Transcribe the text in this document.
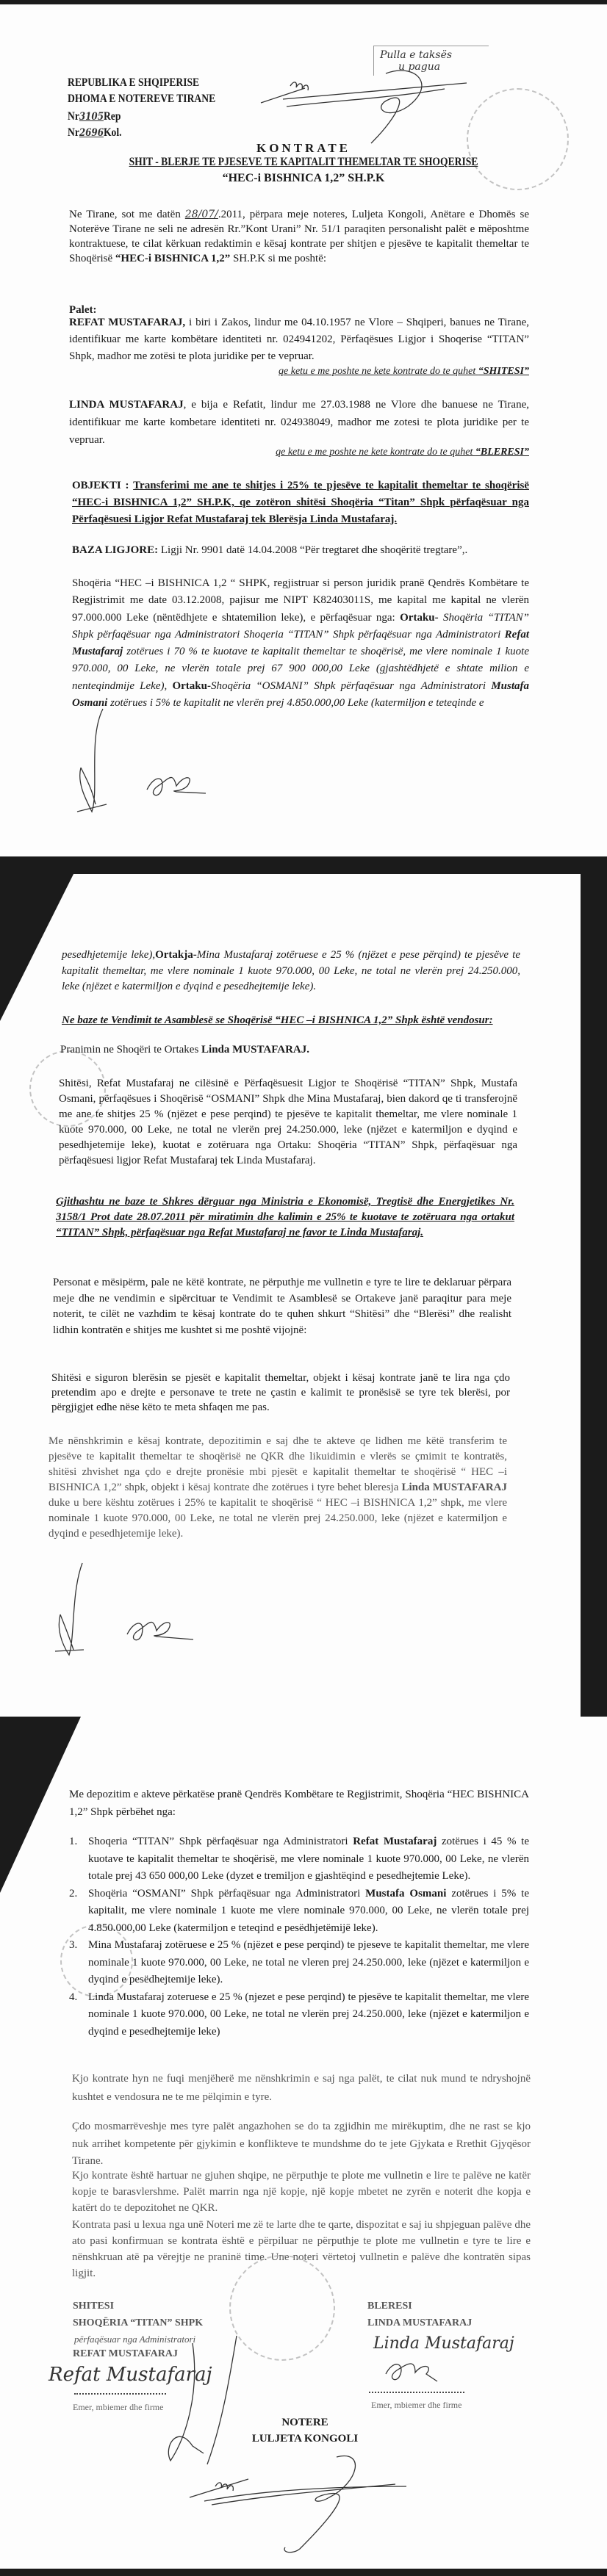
Pulla e taksës
u pagua
REPUBLIKA E SHQIPERISE
DHOMA E NOTEREVE TIRANE
Nr3105Rep
Nr2696Kol.
KONTRATE
SHIT - BLERJE TE PJESEVE TE KAPITALIT THEMELTAR TE SHOQERISE
“HEC-i BISHNICA 1,2” SH.P.K
Ne Tirane, sot me datën 28/07/.2011, përpara meje noteres, Luljeta Kongoli, Anëtare e Dhomës se Noterëve Tirane ne seli ne adresën Rr.”Kont Urani” Nr. 51/1 paraqiten personalisht palët e mëposhtme kontraktuese, te cilat kërkuan redaktimin e kësaj kontrate per shitjen e pjesëve te kapitalit themeltar te Shoqërisë “HEC-i BISHNICA 1,2” SH.P.K si me poshtë:
Palet:
REFAT MUSTAFARAJ, i biri i Zakos, lindur me 04.10.1957 ne Vlore – Shqiperi, banues ne Tirane, identifikuar me karte kombëtare identiteti nr. 024941202, Përfaqësues Ligjor i Shoqerise “TITAN” Shpk, madhor me zotësi te plota juridike per te vepruar.
qe ketu e me poshte ne kete kontrate do te quhet “SHITESI”
LINDA MUSTAFARAJ, e bija e Refatit, lindur me 27.03.1988 ne Vlore dhe banuese ne Tirane, identifikuar me karte kombetare identiteti nr. 024938049, madhor me zotesi te plota juridike per te vepruar.
qe ketu e me poshte ne kete kontrate do te quhet “BLERESI”
OBJEKTI : Transferimi me ane te shitjes i 25% te pjesëve te kapitalit themeltar te shoqërisë “HEC-i BISHNICA 1,2” SH.P.K, qe zotëron shitësi Shoqëria “Titan” Shpk përfaqësuar nga Përfaqësuesi Ligjor Refat Mustafaraj tek Blerësja Linda Mustafaraj.
BAZA LIGJORE: Ligji Nr. 9901 datë 14.04.2008 “Për tregtaret dhe shoqëritë tregtare”,.
Shoqëria “HEC –i BISHNICA 1,2 “ SHPK, regjistruar si person juridik pranë Qendrës Kombëtare te Regjistrimit me date 03.12.2008, pajisur me NIPT K82403011S, me kapital me kapital ne vlerën 97.000.000 Leke (nëntëdhjete e shtatemilion leke), e përfaqësuar nga: Ortaku- Shoqëria “TITAN” Shpk përfaqësuar nga Administratori Shoqeria “TITAN” Shpk përfaqësuar nga Administratori Refat Mustafaraj zotërues i 70 % te kuotave te kapitalit themeltar te shoqërisë, me vlere nominale 1 kuote 970.000, 00 Leke, ne vlerën totale prej 67 900 000,00 Leke (gjashtëdhjetë e shtate milion e nenteqindmije Leke), Ortaku-Shoqëria “OSMANI” Shpk përfaqësuar nga Administratori Mustafa Osmani zotërues i 5% te kapitalit ne vlerën prej 4.850.000,00 Leke (katermiljon e teteqinde e
pesedhjetemije leke),Ortakja-Mina Mustafaraj zotëruese e 25 % (njëzet e pese përqind) te pjesëve te kapitalit themeltar, me vlere nominale 1 kuote 970.000, 00 Leke, ne total ne vlerën prej 24.250.000, leke (njëzet e katermiljon e dyqind e pesedhejtemije leke).
Ne baze te Vendimit te Asamblesë se Shoqërisë “HEC –i BISHNICA 1,2” Shpk është vendosur:
Pranimin ne Shoqëri te Ortakes Linda MUSTAFARAJ.
Shitësi, Refat Mustafaraj ne cilësinë e Përfaqësuesit Ligjor te Shoqërisë “TITAN” Shpk, Mustafa Osmani, përfaqësues i Shoqërisë “OSMANI” Shpk dhe Mina Mustafaraj, bien dakord qe ti transferojnë me ane te shitjes 25 % (njëzet e pese perqind) te pjesëve te kapitalit themeltar, me vlere nominale 1 kuote 970.000, 00 Leke, ne total ne vlerën prej 24.250.000, leke (njëzet e katermiljon e dyqind e pesedhjetemije leke), kuotat e zotëruara nga Ortaku: Shoqëria “TITAN” Shpk, përfaqësuar nga përfaqësuesi ligjor Refat Mustafaraj tek Linda Mustafaraj.
Gjithashtu ne baze te Shkres dërguar nga Ministria e Ekonomisë, Tregtisë dhe Energjetikes Nr. 3158/1 Prot date 28.07.2011 për miratimin dhe kalimin e 25% te kuotave te zotëruara nga ortakut “TITAN” Shpk, përfaqësuar nga Refat Mustafaraj ne favor te Linda Mustafaraj.
Personat e mësipërm, pale ne këtë kontrate, ne përputhje me vullnetin e tyre te lire te deklaruar përpara meje dhe ne vendimin e sipërcituar te Vendimit te Asamblesë se Ortakeve janë paraqitur para meje noterit, te cilët ne vazhdim te kësaj kontrate do te quhen shkurt “Shitësi” dhe “Blerësi” dhe realisht lidhin kontratën e shitjes me kushtet si me poshtë vijojnë:
Shitësi e siguron blerësin se pjesët e kapitalit themeltar, objekt i kësaj kontrate janë te lira nga çdo pretendim apo e drejte e personave te trete ne çastin e kalimit te pronësisë se tyre tek blerësi, por përgjigjet edhe nëse këto te meta shfaqen me pas.
Me nënshkrimin e kësaj kontrate, depozitimin e saj dhe te akteve qe lidhen me këtë transferim te pjesëve te kapitalit themeltar te shoqërisë ne QKR dhe likuidimin e vlerës se çmimit te kontratës, shitësi zhvishet nga çdo e drejte pronësie mbi pjesët e kapitalit themeltar te shoqërisë “ HEC –i BISHNICA 1,2” shpk, objekt i kësaj kontrate dhe zotërues i tyre behet bleresja Linda MUSTAFARAJ duke u bere kështu zotërues i 25% te kapitalit te shoqërisë “ HEC –i BISHNICA 1,2” shpk, me vlere nominale 1 kuote 970.000, 00 Leke, ne total ne vlerën prej 24.250.000, leke (njëzet e katermiljon e dyqind e pesedhjetemije leke).
Me depozitim e akteve përkatëse pranë Qendrës Kombëtare te Regjistrimit, Shoqëria “HEC BISHNICA 1,2” Shpk përbëhet nga:
1. Shoqeria “TITAN” Shpk përfaqësuar nga Administratori Refat Mustafaraj zotërues i 45 % te kuotave te kapitalit themeltar te shoqërisë, me vlere nominale 1 kuote 970.000, 00 Leke, ne vlerën totale prej 43 650 000,00 Leke (dyzet e tremiljon e gjashtëqind e pesedhejtemie Leke).
2. Shoqëria “OSMANI” Shpk përfaqësuar nga Administratori Mustafa Osmani zotërues i 5% te kapitalit, me vlere nominale 1 kuote me vlere nominale 970.000, 00 Leke, ne vlerën totale prej 4.850.000,00 Leke (katermiljon e teteqind e pesëdhjetëmijë leke).
3. Mina Mustafaraj zotëruese e 25 % (njëzet e pese perqind) te pjeseve te kapitalit themeltar, me vlere nominale 1 kuote 970.000, 00 Leke, ne total ne vleren prej 24.250.000, leke (njëzet e katermiljon e dyqind e pesëdhejtemije leke).
4. Linda Mustafaraj zoteruese e 25 % (njezet e pese perqind) te pjesëve te kapitalit themeltar, me vlere nominale 1 kuote 970.000, 00 Leke, ne total ne vlerën prej 24.250.000, leke (njëzet e katermiljon e dyqind e pesedhejtemije leke)
Kjo kontrate hyn ne fuqi menjëherë me nënshkrimin e saj nga palët, te cilat nuk mund te ndryshojnë kushtet e vendosura ne te me pëlqimin e tyre.
Çdo mosmarrëveshje mes tyre palët angazhohen se do ta zgjidhin me mirëkuptim, dhe ne rast se kjo nuk arrihet kompetente për gjykimin e konflikteve te mundshme do te jete Gjykata e Rrethit Gjyqësor Tirane.
Kjo kontrate është hartuar ne gjuhen shqipe, ne përputhje te plote me vullnetin e lire te palëve ne katër kopje te barasvlershme. Palët marrin nga një kopje, një kopje mbetet ne zyrën e noterit dhe kopja e katërt do te depozitohet ne QKR.
Kontrata pasi u lexua nga unë Noteri me zë te larte dhe te qarte, dispozitat e saj iu shpjeguan palëve dhe ato pasi konfirmuan se kontrata është e përpiluar ne përputhje te plote me vullnetin e tyre te lire e nënshkruan atë pa vërejtje ne praninë time. Une noteri vërtetoj vullnetin e palëve dhe kontratën sipas ligjit.
SHITESI
SHOQËRIA “TITAN” SHPK
përfaqësuar nga Administratori
REFAT MUSTAFARAJ
Refat Mustafaraj
Emer, mbiemer dhe firme
BLERESI
LINDA MUSTAFARAJ
Linda Mustafaraj
Emer, mbiemer dhe firme
NOTERE
LULJETA KONGOLI
